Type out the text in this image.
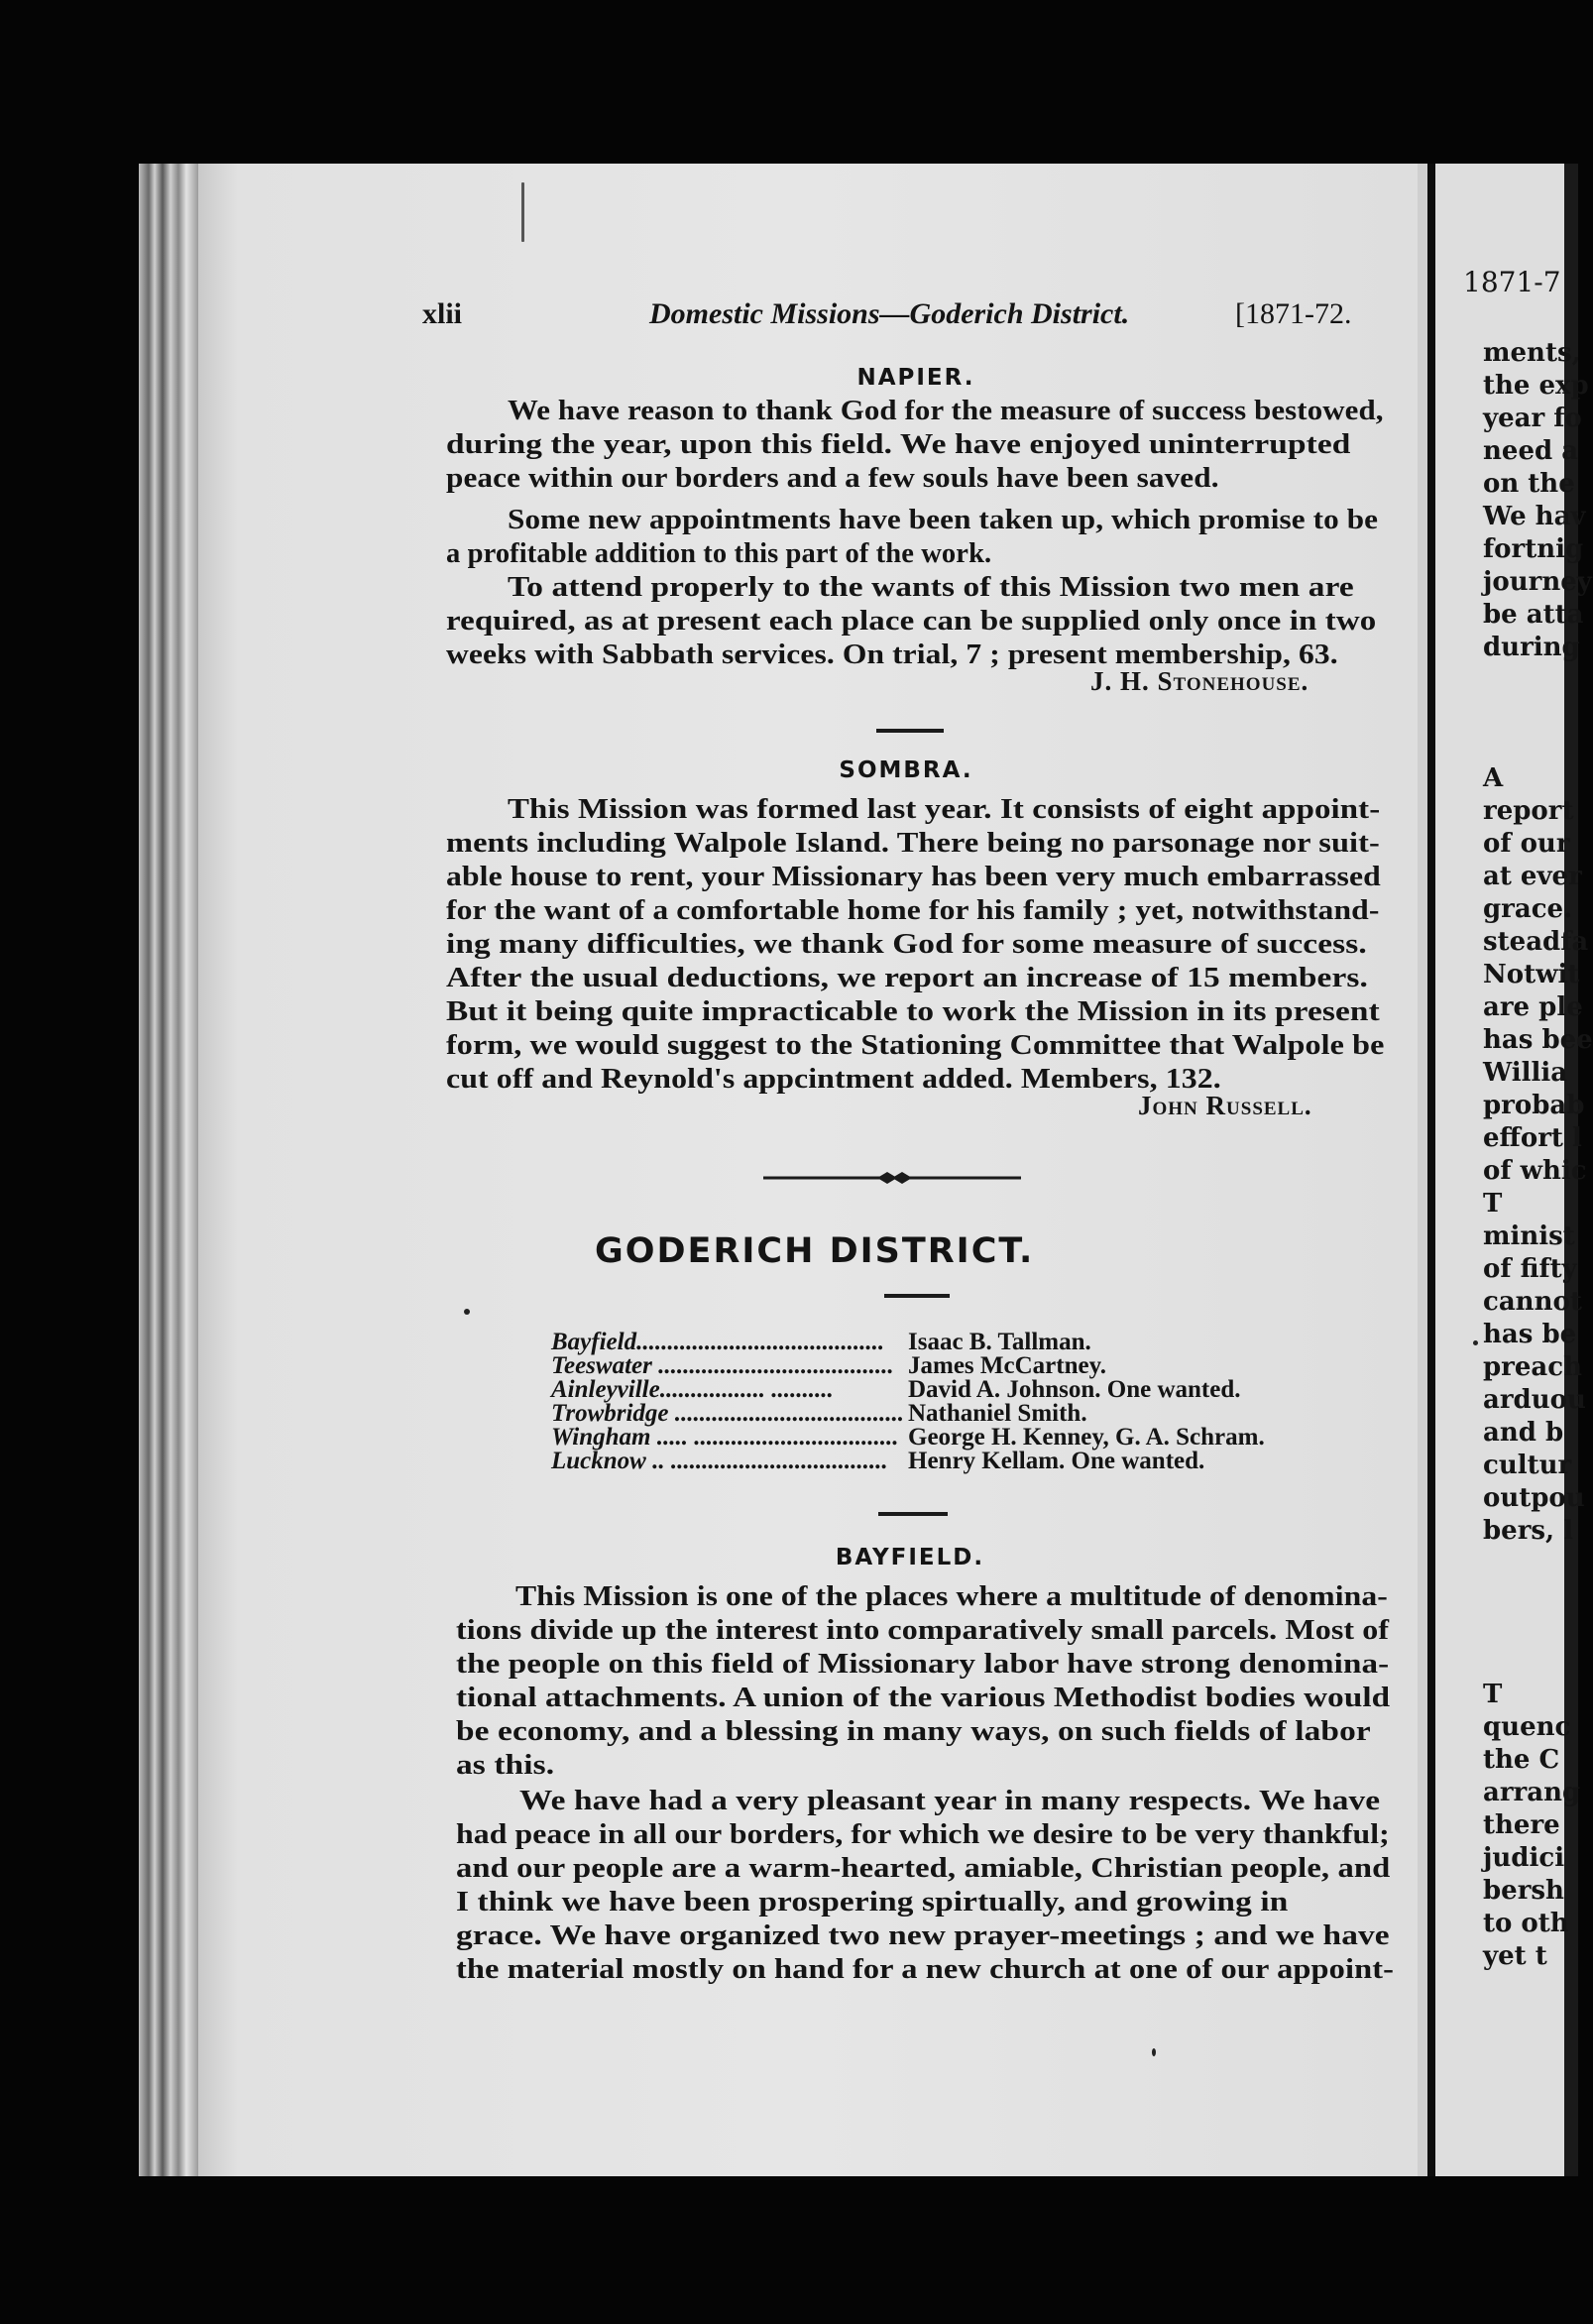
1871-7
ments,
the exp
year fo
need a
on the
We hav
fortnig
journey
be atta
during
A
report
of our
at ever
grace.
steadfa
Notwit
are ple
has bee
Willia
probab
effort l
of whic
T
minist
of fifty
cannot
has be
preach
arduou
and b
cultur
outpou
bers, l
T
quenc
the C
arrang
there
judici
bersh
to oth
yet t
xlii	Domestic Missions—Goderich District.	[1871-72.
NAPIER.
We have reason to thank God for the measure of success bestowed,
during the year, upon this field. We have enjoyed uninterrupted
peace within our borders and a few souls have been saved.
Some new appointments have been taken up, which promise to be
a profitable addition to this part of the work.
To attend properly to the wants of this Mission two men are
required, as at present each place can be supplied only once in two
weeks with Sabbath services. On trial, 7 ; present membership, 63.
J. H. Stonehouse.
SOMBRA.
This Mission was formed last year. It consists of eight appoint-
ments including Walpole Island. There being no parsonage nor suit-
able house to rent, your Missionary has been very much embarrassed
for the want of a comfortable home for his family ; yet, notwithstand-
ing many difficulties, we thank God for some measure of success.
After the usual deductions, we report an increase of 15 members.
But it being quite impracticable to work the Mission in its present
form, we would suggest to the Stationing Committee that Walpole be
cut off and Reynold's appcintment added. Members, 132.
John Russell.
GODERICH DISTRICT.
Bayfield........................................ Isaac B. Tallman.
Teeswater ...................................... James McCartney.
Ainleyville................. ..........	David A. Johnson. One wanted.
Trowbridge ..................................... Nathaniel Smith.
Wingham ..... ................................. George H. Kenney, G. A. Schram.
Lucknow .. ................................... Henry Kellam. One wanted.
BAYFIELD.
This Mission is one of the places where a multitude of denomina-
tions divide up the interest into comparatively small parcels. Most of
the people on this field of Missionary labor have strong denomina-
tional attachments. A union of the various Methodist bodies would
be economy, and a blessing in many ways, on such fields of labor
as this.
We have had a very pleasant year in many respects. We have
had peace in all our borders, for which we desire to be very thankful;
and our people are a warm-hearted, amiable, Christian people, and
I think we have been prospering spirtually, and growing in
grace. We have organized two new prayer-meetings ; and we have
the material mostly on hand for a new church at one of our appoint-
